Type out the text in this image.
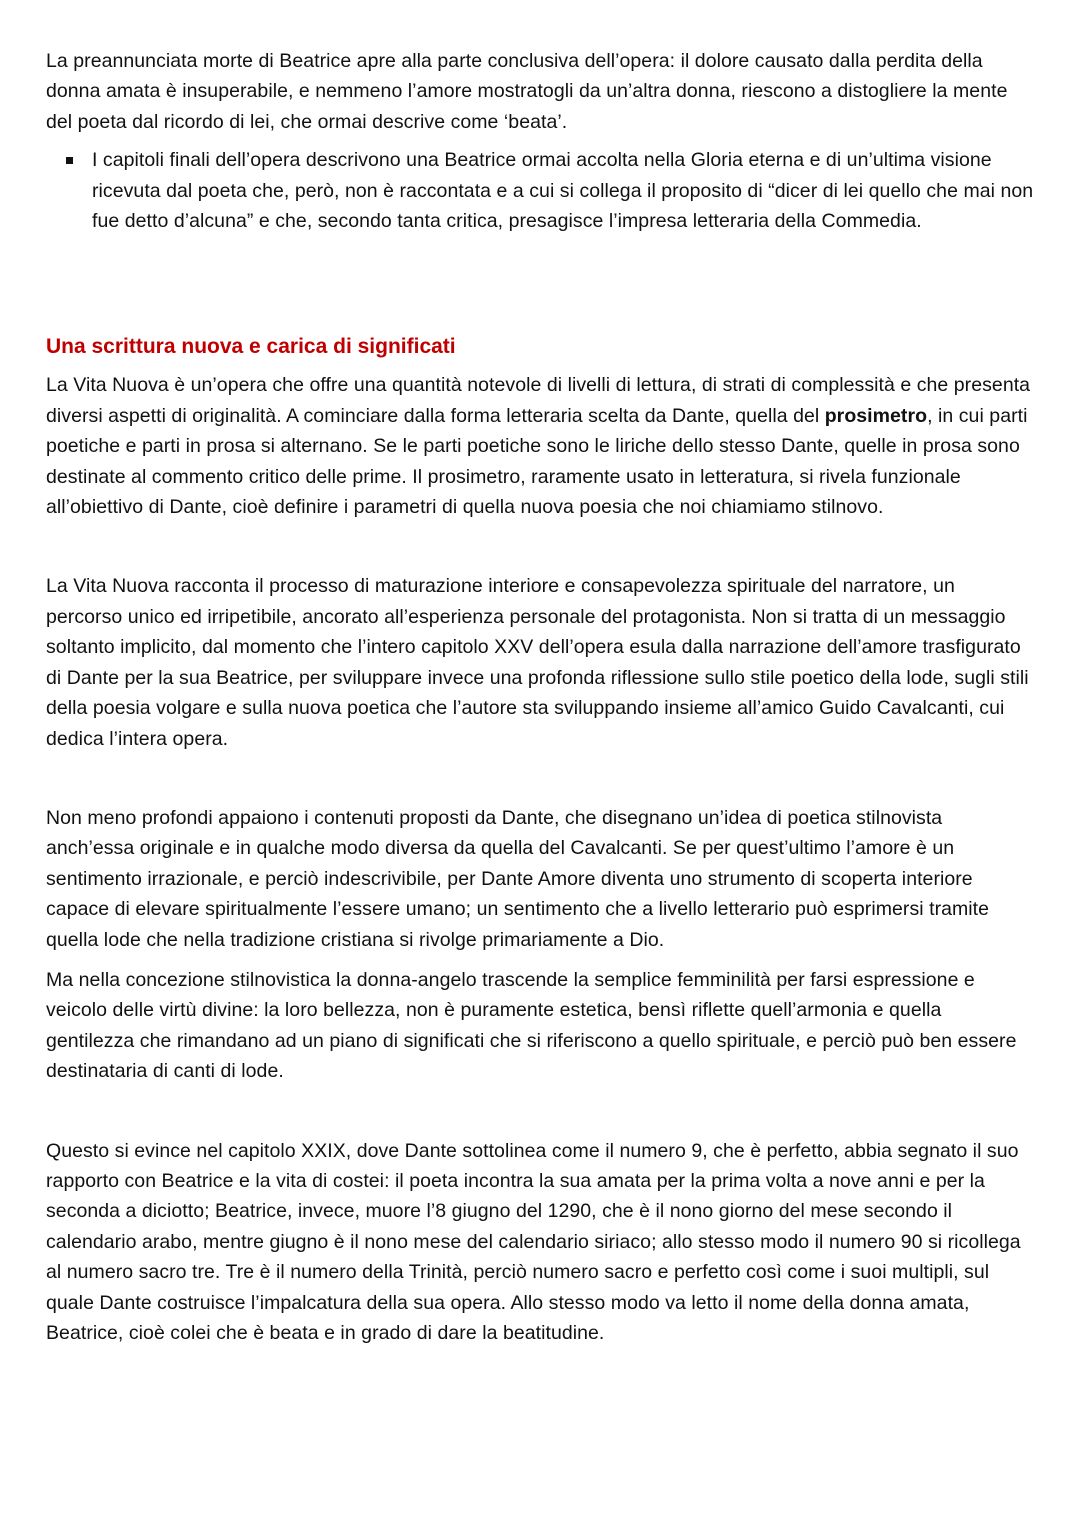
La preannunciata morte di Beatrice apre alla parte conclusiva dell’opera: il dolore causato dalla perdita della donna amata è insuperabile, e nemmeno l’amore mostratogli da un’altra donna, riescono a distogliere la mente del poeta dal ricordo di lei, che ormai descrive come ‘beata’.

I capitoli finali dell’opera descrivono una Beatrice ormai accolta nella Gloria eterna e di un’ultima visione ricevuta dal poeta che, però, non è raccontata e a cui si collega il proposito di “dicer di lei quello che mai non fue detto d’alcuna” e che, secondo tanta critica, presagisce l’impresa letteraria della Commedia.
Una scrittura nuova e carica di significati

La Vita Nuova è un’opera che offre una quantità notevole di livelli di lettura, di strati di complessità e che presenta diversi aspetti di originalità. A cominciare dalla forma letteraria scelta da Dante, quella del prosimetro, in cui parti poetiche e parti in prosa si alternano. Se le parti poetiche sono le liriche dello stesso Dante, quelle in prosa sono destinate al commento critico delle prime. Il prosimetro, raramente usato in letteratura, si rivela funzionale all’obiettivo di Dante, cioè definire i parametri di quella nuova poesia che noi chiamiamo stilnovo.

La Vita Nuova racconta il processo di maturazione interiore e consapevolezza spirituale del narratore, un percorso unico ed irripetibile, ancorato all’esperienza personale del protagonista. Non si tratta di un messaggio soltanto implicito, dal momento che l’intero capitolo XXV dell’opera esula dalla narrazione dell’amore trasfigurato di Dante per la sua Beatrice, per sviluppare invece una profonda riflessione sullo stile poetico della lode, sugli stili della poesia volgare e sulla nuova poetica che l’autore sta sviluppando insieme all’amico Guido Cavalcanti, cui dedica l’intera opera.

Non meno profondi appaiono i contenuti proposti da Dante, che disegnano un’idea di poetica stilnovista anch’essa originale e in qualche modo diversa da quella del Cavalcanti. Se per quest’ultimo l’amore è un sentimento irrazionale, e perciò indescrivibile, per Dante Amore diventa uno strumento di scoperta interiore capace di elevare spiritualmente l’essere umano; un sentimento che a livello letterario può esprimersi tramite quella lode che nella tradizione cristiana si rivolge primariamente a Dio.

Ma nella concezione stilnovistica la donna-angelo trascende la semplice femminilità per farsi espressione e veicolo delle virtù divine: la loro bellezza, non è puramente estetica, bensì riflette quell’armonia e quella gentilezza che rimandano ad un piano di significati che si riferiscono a quello spirituale, e perciò può ben essere destinataria di canti di lode.

Questo si evince nel capitolo XXIX, dove Dante sottolinea come il numero 9, che è perfetto, abbia segnato il suo rapporto con Beatrice e la vita di costei: il poeta incontra la sua amata per la prima volta a nove anni e per la seconda a diciotto; Beatrice, invece, muore l’8 giugno del 1290, che è il nono giorno del mese secondo il calendario arabo, mentre giugno è il nono mese del calendario siriaco; allo stesso modo il numero 90 si ricollega al numero sacro tre. Tre è il numero della Trinità, perciò numero sacro e perfetto così come i suoi multipli, sul quale Dante costruisce l’impalcatura della sua opera. Allo stesso modo va letto il nome della donna amata, Beatrice, cioè colei che è beata e in grado di dare la beatitudine.
